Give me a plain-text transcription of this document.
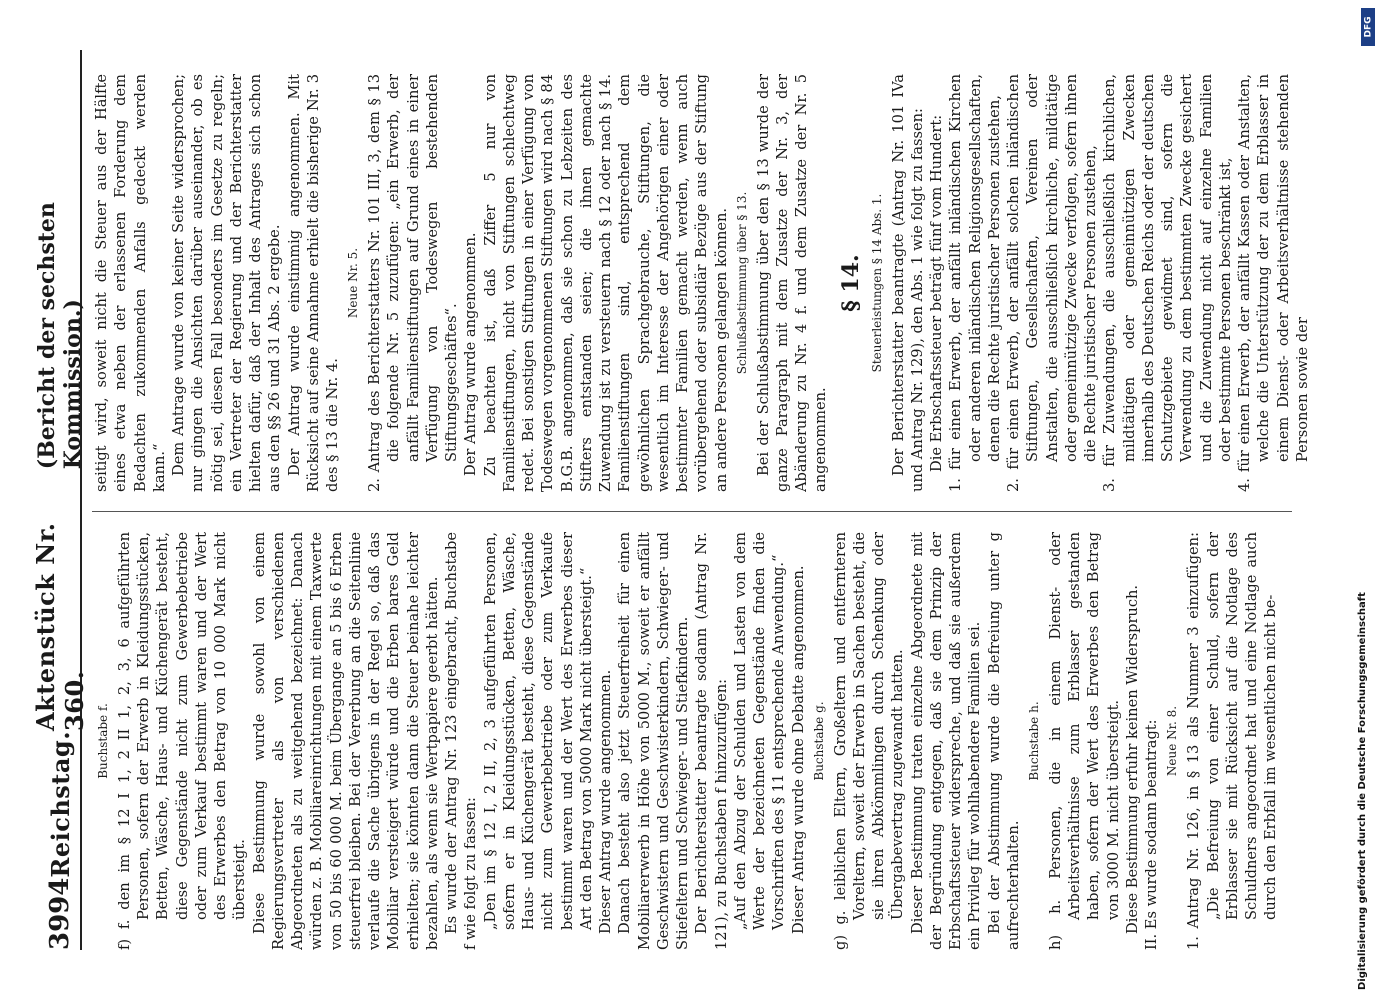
3994
Reichstag.
Aktenstück Nr. 360.
(Bericht der sechsten Kommission.)

Buchstabe f. f) f. den im § 12 I 1, 2 II 1, 2, 3, 6 aufgeführten Personen, sofern der Erwerb in Kleidungsstücken, Betten, Wäsche, Haus- und Küchengerät besteht, diese Gegenstände nicht zum Gewerbebetriebe oder zum Verkauf bestimmt waren und der Wert des Erwerbes den Betrag von 10 000 Mark nicht übersteigt. Diese Bestimmung wurde sowohl von einem Regierungsvertreter als von verschiedenen Abgeordneten als zu weitgehend bezeichnet: Danach würden z. B. Mobiliareinrichtungen mit einem Taxwerte von 50 bis 60 000 M. beim Übergange an 5 bis 6 Erben steuerfrei bleiben. Bei der Vererbung an die Seitenlinie verlaufe die Sache übrigens in der Regel so, daß das Mobiliar versteigert würde und die Erben bares Geld erhielten; sie könnten dann die Steuer beinahe leichter bezahlen, als wenn sie Wertpapiere geerbt hätten. Es wurde der Antrag Nr. 123 eingebracht, Buchstabe f wie folgt zu fassen: „Den im § 12 I, 2 II, 2, 3 aufgeführten Personen, sofern er in Kleidungsstücken, Betten, Wäsche, Haus- und Küchengerät besteht, diese Gegenstände nicht zum Gewerbebetriebe oder zum Verkaufe bestimmt waren und der Wert des Erwerbes dieser Art den Betrag von 5000 Mark nicht übersteigt.“ Dieser Antrag wurde angenommen. Danach besteht also jetzt Steuerfreiheit für einen Mobiliarerwerb in Höhe von 5000 M., soweit er anfällt Geschwistern und Geschwisterkindern, Schwieger- und Stiefeltern und Schwieger- und Stiefkindern. Der Berichterstatter beantragte sodann (Antrag Nr. 121), zu Buchstaben f hinzuzufügen: „Auf den Abzug der Schulden und Lasten von dem Werte der bezeichneten Gegenstände finden die Vorschriften des § 11 entsprechende Anwendung.“ Dieser Antrag wurde ohne Debatte angenommen. Buchstabe g. g) g. leiblichen Eltern, Großeltern und entfernteren Voreltern, soweit der Erwerb in Sachen besteht, die sie ihren Abkömmlingen durch Schenkung oder Übergabevertrag zugewandt hatten. Dieser Bestimmung traten einzelne Abgeordnete mit der Begründung entgegen, daß sie dem Prinzip der Erbschaftssteuer widerspreche, und daß sie außerdem ein Privileg für wohlhabendere Familien sei. Bei der Abstimmung wurde die Befreiung unter g aufrechterhalten.

Buchstabe h. h) h. Personen, die in einem Dienst- oder Arbeitsverhältnisse zum Erblasser gestanden haben, sofern der Wert des Erwerbes den Betrag von 3000 M. nicht übersteigt. Diese Bestimmung erfuhr keinen Widerspruch. II. Es wurde sodann beantragt: Neue Nr. 8. 1. Antrag Nr. 126, in § 13 als Nummer 3 einzufügen: „Die Befreiung von einer Schuld, sofern der Erblasser sie mit Rücksicht auf die Notlage des Schuldners angeordnet hat und eine Notlage auch durch den Erbfall im wesentlichen nicht be-

seitigt wird, soweit nicht die Steuer aus der Hälfte eines etwa neben der erlassenen Forderung dem Bedachten zukommenden Anfalls gedeckt werden kann.“ Dem Antrage wurde von keiner Seite widersprochen; nur gingen die Ansichten darüber auseinander, ob es nötig sei, diesen Fall besonders im Gesetze zu regeln; ein Vertreter der Regierung und der Berichterstatter hielten dafür, daß der Inhalt des Antrages sich schon aus den §§ 26 und 31 Abs. 2 ergebe. Der Antrag wurde einstimmig angenommen. Mit Rücksicht auf seine Annahme erhielt die bisherige Nr. 3 des § 13 die Nr. 4.

Neue Nr. 5. 2. Antrag des Berichterstatters Nr. 101 III, 3, dem § 13 die folgende Nr. 5 zuzufügen: „ein Erwerb, der anfällt Familienstiftungen auf Grund eines in einer Verfügung von Todeswegen bestehenden Stiftungsgeschäftes“. Der Antrag wurde angenommen. Zu beachten ist, daß Ziffer 5 nur von Familienstiftungen, nicht von Stiftungen schlechtweg redet. Bei sonstigen Stiftungen in einer Verfügung von Todeswegen vorgenommenen Stiftungen wird nach § 84 B.G.B. angenommen, daß sie schon zu Lebzeiten des Stifters entstanden seien; die ihnen gemachte Zuwendung ist zu versteuern nach § 12 oder nach § 14. Familienstiftungen sind, entsprechend dem gewöhnlichen Sprachgebrauche, Stiftungen, die wesentlich im Interesse der Angehörigen einer oder bestimmter Familien gemacht werden, wenn auch vorübergehend oder subsidiär Bezüge aus der Stiftung an andere Personen gelangen können. Schlußabstimmung über § 13. Bei der Schlußabstimmung über den § 13 wurde der ganze Paragraph mit dem Zusatze der Nr. 3, der Abänderung zu Nr. 4 f. und dem Zusatze der Nr. 5 angenommen.

§ 14. Steuerleistungen § 14 Abs. 1. Der Berichterstatter beantragte (Antrag Nr. 101 IVa und Antrag Nr. 129), den Abs. 1 wie folgt zu fassen: Die Erbschaftssteuer beträgt fünf vom Hundert: 1. für einen Erwerb, der anfällt inländischen Kirchen oder anderen inländischen Religionsgesellschaften, denen die Rechte juristischer Personen zustehen, 2. für einen Erwerb, der anfällt solchen inländischen Stiftungen, Gesellschaften, Vereinen oder Anstalten, die ausschließlich kirchliche, mildtätige oder gemeinnützige Zwecke verfolgen, sofern ihnen die Rechte juristischer Personen zustehen, 3. für Zuwendungen, die ausschließlich kirchlichen, mildtätigen oder gemeinnützigen Zwecken innerhalb des Deutschen Reichs oder der deutschen Schutzgebiete gewidmet sind, sofern die Verwendung zu dem bestimmten Zwecke gesichert und die Zuwendung nicht auf einzelne Familien oder bestimmte Personen beschränkt ist, 4. für einen Erwerb, der anfällt Kassen oder Anstalten, welche die Unterstützung der zu dem Erblasser in einem Dienst- oder Arbeitsverhältnisse stehenden Personen sowie der

DFG
Digitalisierung gefördert durch die Deutsche Forschungsgemeinschaft
